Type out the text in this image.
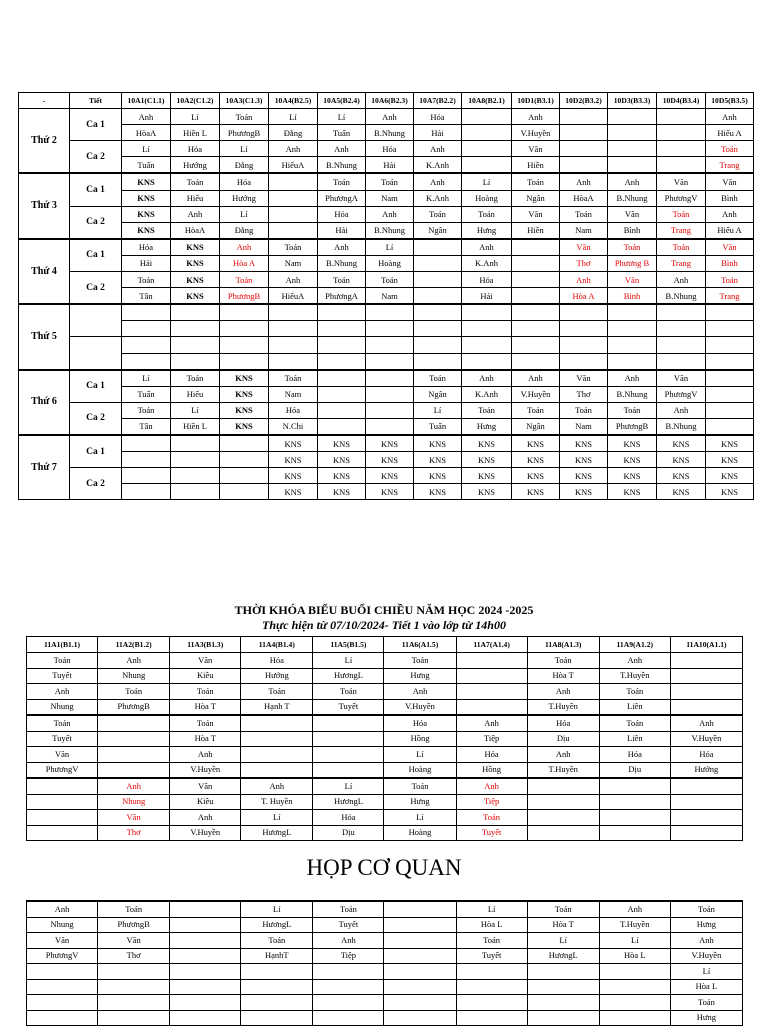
-	Tiết	10A1(C1.1)	10A2(C1.2)	10A3(C1.3)	10A4(B2.5)	10A5(B2.4)	10A6(B2.3)	10A7(B2.2)	10A8(B2.1)	10D1(B3.1)	10D2(B3.2)	10D3(B3.3)	10D4(B3.4)	10D5(B3.5)
Thứ 2	Ca 1	Anh	Lí	Toán	Lí	Lí	Anh	Hóa		Anh				Anh
		HòaA	Hiền L	PhươngB	Đằng	Tuấn	B.Nhung	Hải		V.Huyền				Hiếu A
	Ca 2	Lí	Hóa	Lí	Anh	Anh	Hóa	Anh		Văn				Toán
		Tuấn	Hướng	Đằng	HiếuA	B.Nhung	Hải	K.Anh		Hiền				Trang
Thứ 3	Ca 1	KNS	Toán	Hóa		Toán	Toán	Anh	Lí	Toán	Anh	Anh	Văn	Văn
		KNS	Hiếu	Hướng		PhươngA	Nam	K.Anh	Hoàng	Ngân	HòaA	B.Nhung	PhươngV	Bình
	Ca 2	KNS	Anh	Lí		Hóa	Anh	Toán	Toán	Văn	Toán	Văn	Toán	Anh
		KNS	HòaA	Đằng		Hải	B.Nhung	Ngân	Hưng	Hiền	Nam	Bình	Trang	Hiếu A
Thứ 4	Ca 1	Hóa	KNS	Anh	Toán	Anh	Lí		Anh		Văn	Toán	Toán	Văn
		Hải	KNS	Hòa A	Nam	B.Nhung	Hoàng		K.Anh		Thơ	Phương B	Trang	Bình
	Ca 2	Toán	KNS	Toán	Anh	Toán	Toán		Hóa		Anh	Văn	Anh	Toán
		Tân	KNS	PhươngB	HiếuA	PhươngA	Nam		Hải		Hòa A	Bình	B.Nhung	Trang
Thứ 5														

Thứ 6	Ca 1	Lí	Toán	KNS	Toán			Toán	Anh	Anh	Văn	Anh	Văn	
		Tuấn	Hiếu	KNS	Nam			Ngân	K.Anh	V.Huyền	Thơ	B.Nhung	PhươngV	
	Ca 2	Toán	Lí	KNS	Hóa			Lí	Toán	Toán	Toán	Toán	Anh	
		Tân	Hiền L	KNS	N.Chi			Tuấn	Hưng	Ngân	Nam	PhươngB	B.Nhung	
Thứ 7	Ca 1				KNS	KNS	KNS	KNS	KNS	KNS	KNS	KNS	KNS	KNS
					KNS	KNS	KNS	KNS	KNS	KNS	KNS	KNS	KNS	KNS
	Ca 2				KNS	KNS	KNS	KNS	KNS	KNS	KNS	KNS	KNS	KNS
					KNS	KNS	KNS	KNS	KNS	KNS	KNS	KNS	KNS	KNS
THỜI KHÓA BIỂU BUỔI CHIỀU NĂM HỌC 2024 -2025
Thực hiện từ 07/10/2024- Tiết 1 vào lớp từ 14h00
11A1(B1.1)	11A2(B1.2)	11A3(B1.3)	11A4(B1.4)	11A5(B1.5)	11A6(A1.5)	11A7(A1.4)	11A8(A1.3)	11A9(A1.2)	11A10(A1.1)
Toán	Anh	Văn	Hóa	Lí	Toán		Toán	Anh	
Tuyết	Nhung	Kiều	Hướng	HươngL	Hưng		Hòa T	T.Huyền	
Anh	Toán	Toán	Toán	Toán	Anh		Anh	Toán	
Nhung	PhươngB	Hòa T	Hạnh T	Tuyết	V.Huyền		T.Huyền	Liên	
Toán		Toán			Hóa	Anh	Hóa	Toán	Anh
Tuyết		Hòa T			Hồng	Tiệp	Dịu	Liên	V.Huyền
Văn		Anh			Lí	Hóa	Anh	Hóa	Hóa
PhươngV		V.Huyền			Hoàng	Hồng	T.Huyền	Dịu	Hướng
	Anh	Văn	Anh	Lí	Toán	Anh			
	Nhung	Kiều	T. Huyền	HươngL	Hưng	Tiệp			
	Văn	Anh	Lí	Hóa	Lí	Toán			
	Thơ	V.Huyền	HươngL	Dịu	Hoàng	Tuyết			
HỌP CƠ QUAN
Anh	Toán		Lí	Toán		Lí	Toán	Anh	Toán
Nhung	PhươngB		HươngL	Tuyết		Hòa L	Hòa T	T.Huyền	Hưng
Văn	Văn		Toán	Anh		Toán	Lí	Lí	Anh
PhươngV	Thơ		HạnhT	Tiệp		Tuyết	HươngL	Hòa L	V.Huyền
									Lí
									Hòa L
									Toán
									Hưng
